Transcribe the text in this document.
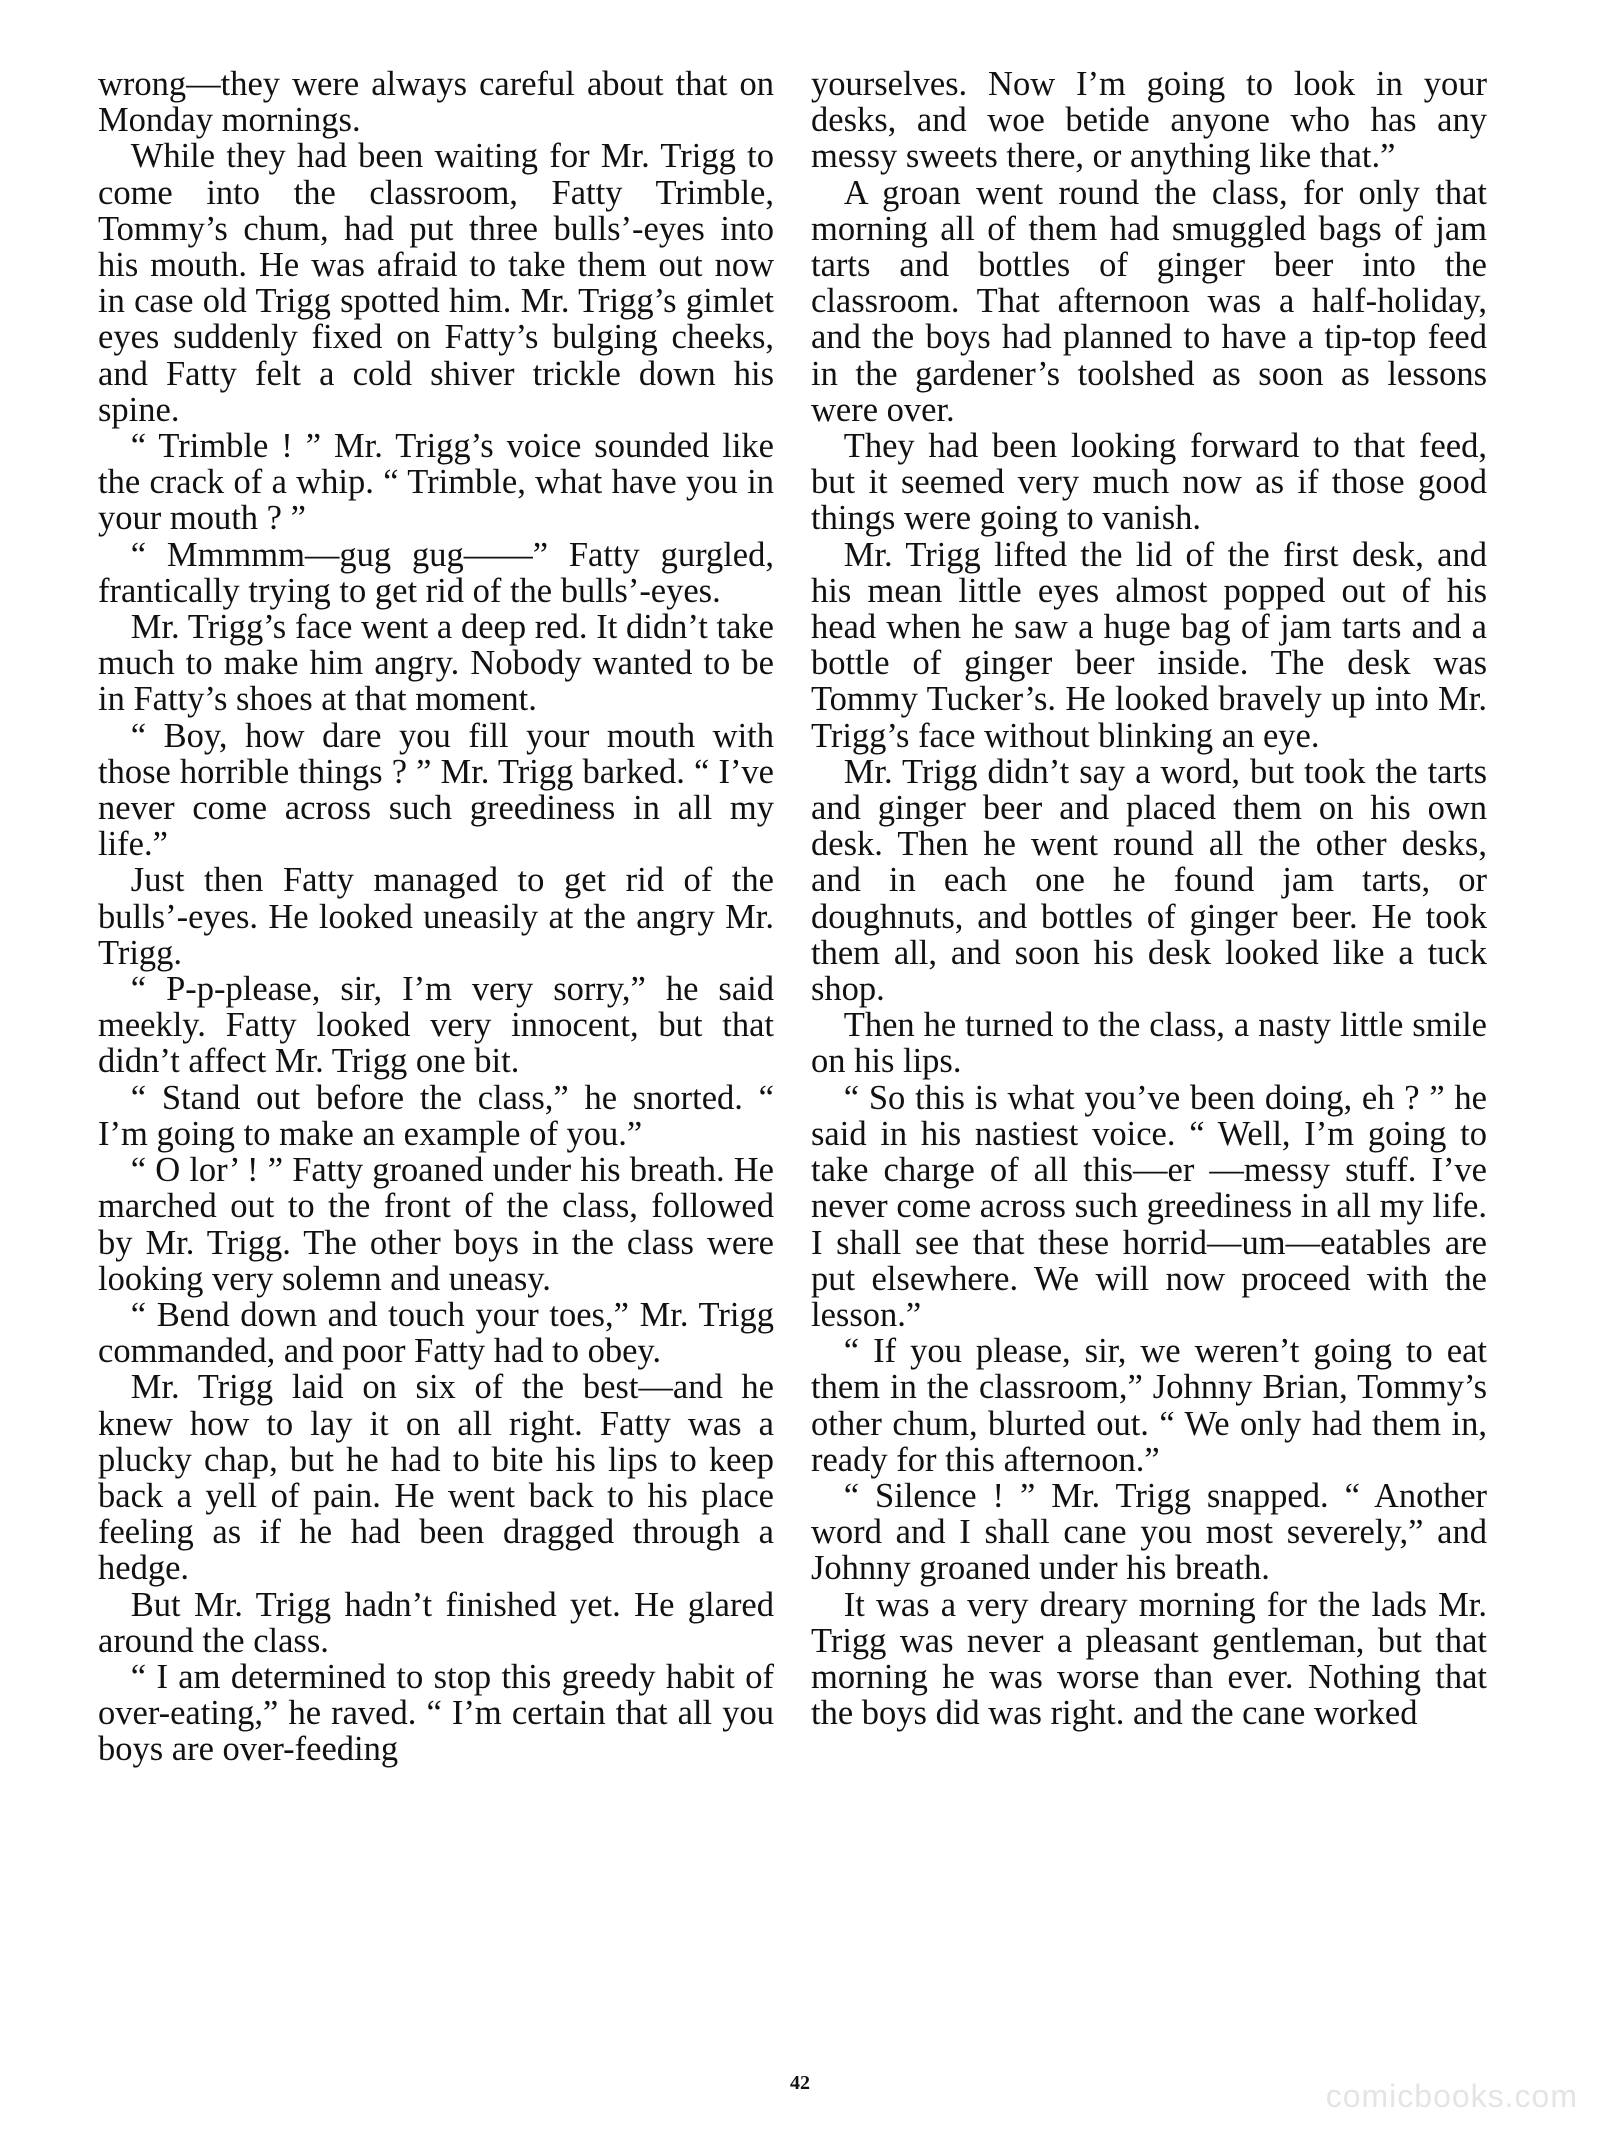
wrong—they were always careful about that on Monday mornings.

While they had been waiting for Mr. Trigg to come into the classroom, Fatty Trimble, Tommy’s chum, had put three bulls’-eyes into his mouth. He was afraid to take them out now in case old Trigg spotted him. Mr. Trigg’s gimlet eyes suddenly fixed on Fatty’s bulging cheeks, and Fatty felt a cold shiver trickle down his spine.

“ Trimble ! ” Mr. Trigg’s voice sounded like the crack of a whip. “ Trimble, what have you in your mouth ? ”

“ Mmmmm—gug gug——” Fatty gurgled, frantically trying to get rid of the bulls’-eyes.

Mr. Trigg’s face went a deep red. It didn’t take much to make him angry. Nobody wanted to be in Fatty’s shoes at that moment.

“ Boy, how dare you fill your mouth with those horrible things ? ” Mr. Trigg barked. “ I’ve never come across such greediness in all my life.”

Just then Fatty managed to get rid of the bulls’-eyes. He looked uneasily at the angry Mr. Trigg.

“ P-p-please, sir, I’m very sorry,” he said meekly. Fatty looked very innocent, but that didn’t affect Mr. Trigg one bit.

“ Stand out before the class,” he snorted. “ I’m going to make an example of you.”

“ O lor’ ! ” Fatty groaned under his breath. He marched out to the front of the class, followed by Mr. Trigg. The other boys in the class were looking very solemn and uneasy.

“ Bend down and touch your toes,” Mr. Trigg commanded, and poor Fatty had to obey.

Mr. Trigg laid on six of the best—and he knew how to lay it on all right. Fatty was a plucky chap, but he had to bite his lips to keep back a yell of pain. He went back to his place feeling as if he had been dragged through a hedge.

But Mr. Trigg hadn’t finished yet. He glared around the class.

“ I am determined to stop this greedy habit of over-eating,” he raved. “ I’m certain that all you boys are over-feeding

yourselves. Now I’m going to look in your desks, and woe betide anyone who has any messy sweets there, or anything like that.”

A groan went round the class, for only that morning all of them had smuggled bags of jam tarts and bottles of ginger beer into the classroom. That afternoon was a half-holiday, and the boys had planned to have a tip-top feed in the gardener’s toolshed as soon as lessons were over.

They had been looking forward to that feed, but it seemed very much now as if those good things were going to vanish.

Mr. Trigg lifted the lid of the first desk, and his mean little eyes almost popped out of his head when he saw a huge bag of jam tarts and a bottle of ginger beer inside. The desk was Tommy Tucker’s. He looked bravely up into Mr. Trigg’s face without blinking an eye.

Mr. Trigg didn’t say a word, but took the tarts and ginger beer and placed them on his own desk. Then he went round all the other desks, and in each one he found jam tarts, or doughnuts, and bottles of ginger beer. He took them all, and soon his desk looked like a tuck shop.

Then he turned to the class, a nasty little smile on his lips.

“ So this is what you’ve been doing, eh ? ” he said in his nastiest voice. “ Well, I’m going to take charge of all this—er —messy stuff. I’ve never come across such greediness in all my life. I shall see that these horrid—um—eatables are put elsewhere. We will now proceed with the lesson.”

“ If you please, sir, we weren’t going to eat them in the classroom,” Johnny Brian, Tommy’s other chum, blurted out. “ We only had them in, ready for this afternoon.”

“ Silence ! ” Mr. Trigg snapped. “ Another word and I shall cane you most severely,” and Johnny groaned under his breath.

It was a very dreary morning for the lads Mr. Trigg was never a pleasant gentleman, but that morning he was worse than ever. Nothing that the boys did was right. and the cane worked

42	comicbooks.com
